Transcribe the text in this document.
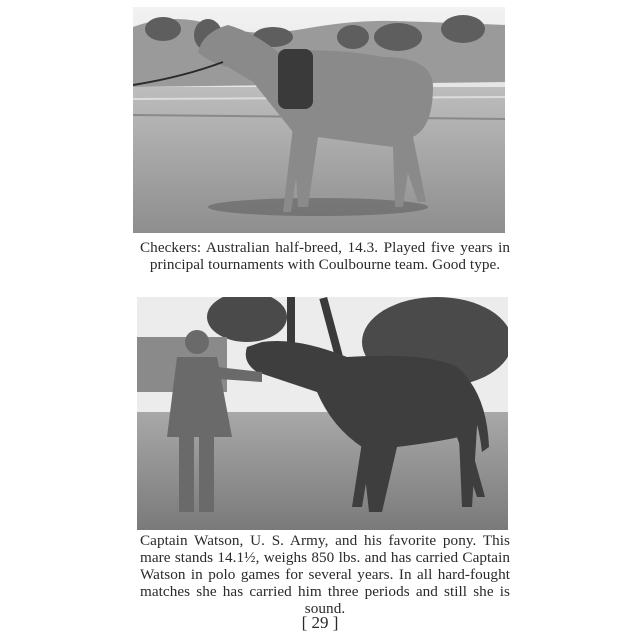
Checkers: Australian half-breed, 14.3. Played five years in principal tournaments with Coulbourne team. Good type.
Captain Watson, U. S. Army, and his favorite pony. This mare stands 14.1½, weighs 850 lbs. and has carried Captain Watson in polo games for several years. In all hard-fought matches she has carried him three periods and still she is sound.
[ 29 ]
